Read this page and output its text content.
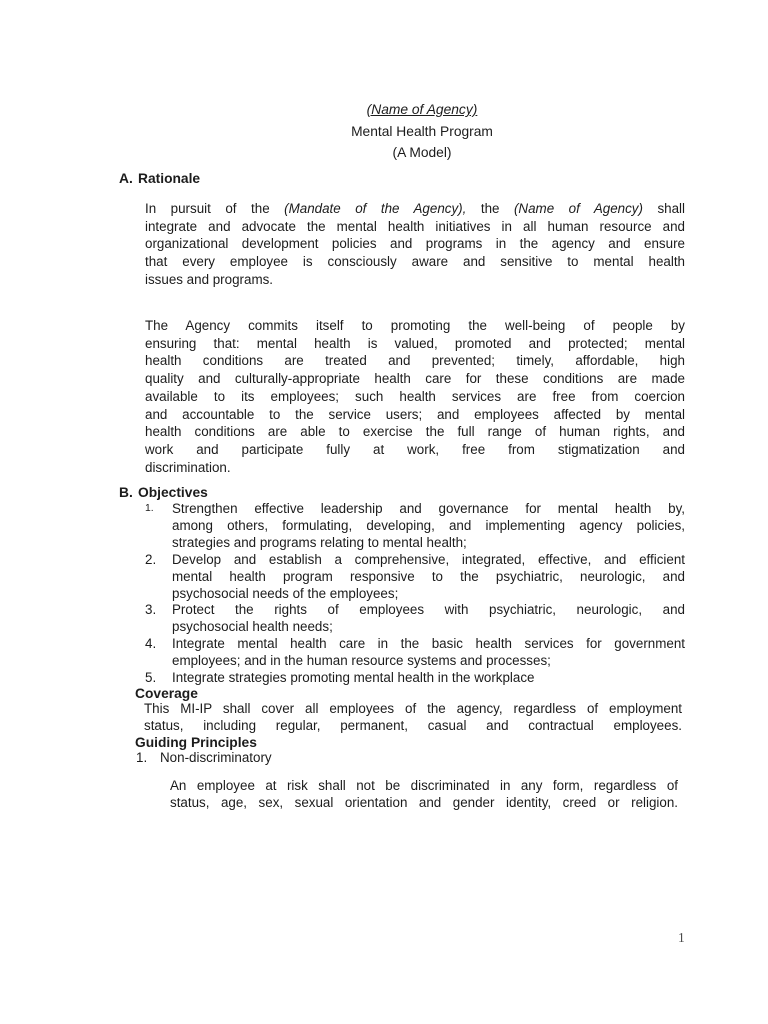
(Name of Agency)
Mental Health Program
(A Model)
A. Rationale
In pursuit of the (Mandate of the Agency), the (Name of Agency) shall
integrate and advocate the mental health initiatives in all human resource and
organizational development policies and programs in the agency and ensure
that every employee is consciously aware and sensitive to mental health
issues and programs.
The Agency commits itself to promoting the well-being of people by
ensuring that: mental health is valued, promoted and protected; mental
health conditions are treated and prevented; timely, affordable, high
quality and culturally-appropriate health care for these conditions are made
available to its employees; such health services are free from coercion
and accountable to the service users; and employees affected by mental
health conditions are able to exercise the full range of human rights, and
work and participate fully at work, free from stigmatization and
discrimination.
B. Objectives
1.	Strengthen effective leadership and governance for mental health by,
among others, formulating, developing, and implementing agency policies,
strategies and programs relating to mental health;
2.	Develop and establish a comprehensive, integrated, effective, and efficient
mental health program responsive to the psychiatric, neurologic, and
psychosocial needs of the employees;
3.	Protect the rights of employees with psychiatric, neurologic, and
psychosocial health needs;
4.	Integrate mental health care in the basic health services for government
employees; and in the human resource systems and processes;
5.	Integrate strategies promoting mental health in the workplace
Coverage
This MI-IP shall cover all employees of the agency, regardless of employment
status, including regular, permanent, casual and contractual employees.
Guiding Principles
1. Non-discriminatory
An employee at risk shall not be discriminated in any form, regardless of
status, age, sex, sexual orientation and gender identity, creed or religion.
1
